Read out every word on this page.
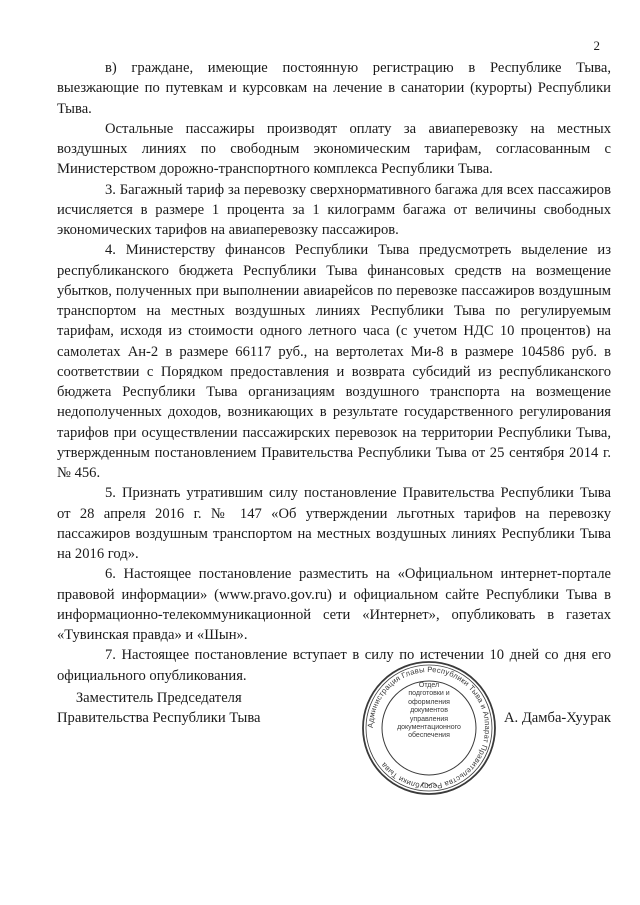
2

в) граждане, имеющие постоянную регистрацию в Республике Тыва, выезжающие по путевкам и курсовкам на лечение в санатории (курорты) Республики Тыва.

Остальные пассажиры производят оплату за авиаперевозку на местных воздушных линиях по свободным экономическим тарифам, согласованным с Министерством дорожно-транспортного комплекса Республики Тыва.

3. Багажный тариф за перевозку сверхнормативного багажа для всех пассажиров исчисляется в размере 1 процента за 1 килограмм багажа от величины свободных экономических тарифов на авиаперевозку пассажиров.

4. Министерству финансов Республики Тыва предусмотреть выделение из республиканского бюджета Республики Тыва финансовых средств на возмещение убытков, полученных при выполнении авиарейсов по перевозке пассажиров воздушным транспортом на местных воздушных линиях Республики Тыва по регулируемым тарифам, исходя из стоимости одного летного часа (с учетом НДС 10 процентов) на самолетах Ан-2 в размере 66117 руб., на вертолетах Ми-8 в размере 104586 руб. в соответствии с Порядком предоставления и возврата субсидий из республиканского бюджета Республики Тыва организациям воздушного транспорта на возмещение недополученных доходов, возникающих в результате государственного регулирования тарифов при осуществлении пассажирских перевозок на территории Республики Тыва, утвержденным постановлением Правительства Республики Тыва от 25 сентября 2014 г. № 456.

5. Признать утратившим силу постановление Правительства Республики Тыва от 28 апреля 2016 г. № 147 «Об утверждении льготных тарифов на перевозку пассажиров воздушным транспортом на местных воздушных линиях Республики Тыва на 2016 год».

6. Настоящее постановление разместить на «Официальном интернет-портале правовой информации» (www.pravo.gov.ru) и официальном сайте Республики Тыва в информационно-телекоммуникационной сети «Интернет», опубликовать в газетах «Тувинская правда» и «Шын».

7. Настоящее постановление вступает в силу по истечении 10 дней со дня его официального опубликования.

Заместитель Председателя
Правительства Республики Тыва	Администрация Главы Республики Тыва и Аппарат Правительства Республики Тыва
Отдел
подготовки и
оформления документов
управления
документационного
обеспечения
А. Дамба-Хуурак
